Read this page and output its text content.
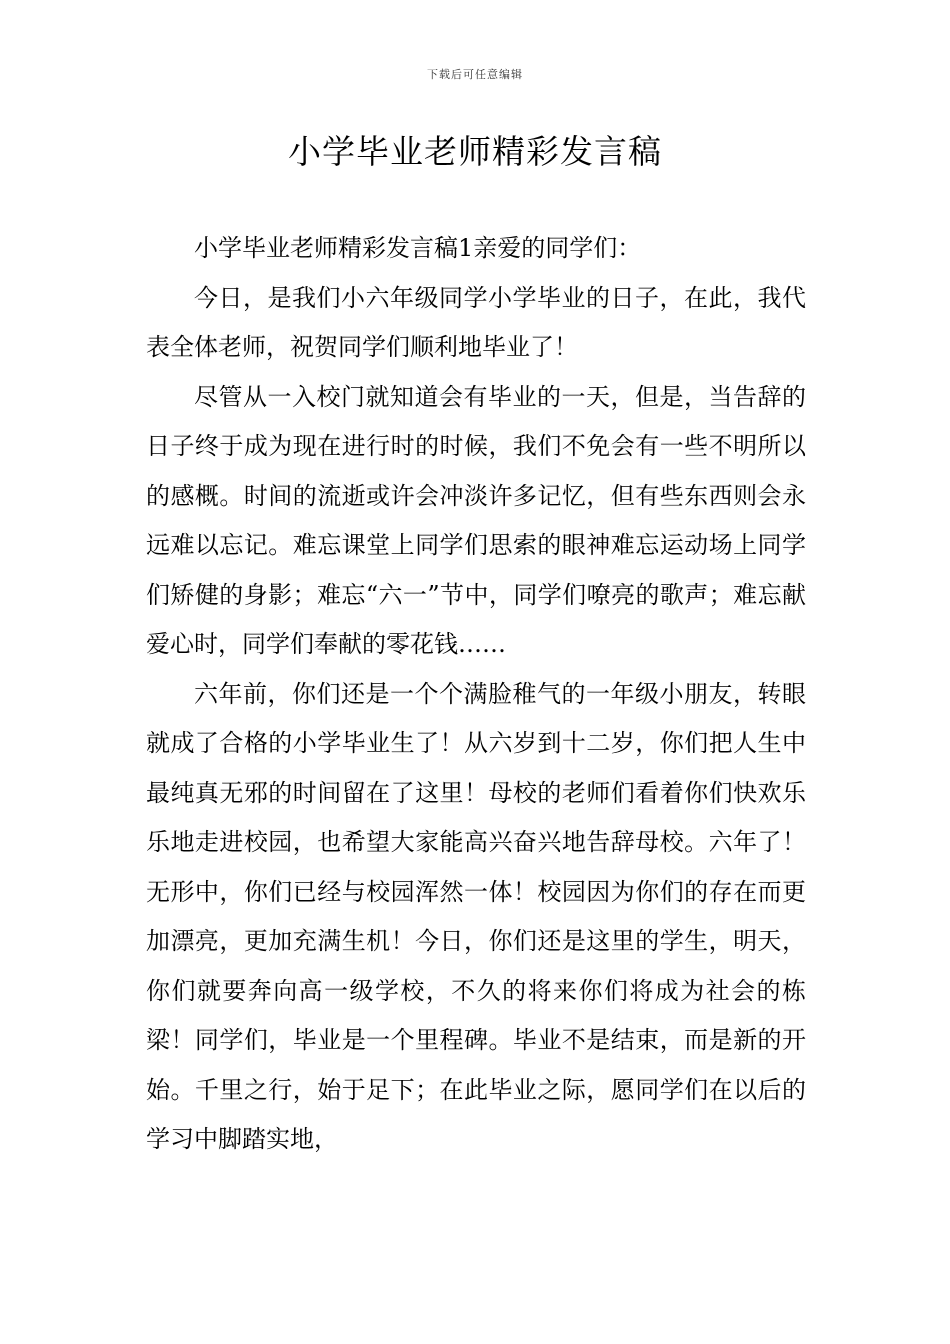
下载后可任意编辑
小学毕业老师精彩发言稿

小学毕业老师精彩发言稿1亲爱的同学们：

今日，是我们小六年级同学小学毕业的日子，在此，我代表全体老师，祝贺同学们顺利地毕业了！

尽管从一入校门就知道会有毕业的一天，但是，当告辞的日子终于成为现在进行时的时候，我们不免会有一些不明所以的感概。时间的流逝或许会冲淡许多记忆，但有些东西则会永远难以忘记。难忘课堂上同学们思索的眼神难忘运动场上同学们矫健的身影；难忘“六一”节中，同学们嘹亮的歌声；难忘献爱心时，同学们奉献的零花钱……

六年前，你们还是一个个满脸稚气的一年级小朋友，转眼就成了合格的小学毕业生了！从六岁到十二岁，你们把人生中最纯真无邪的时间留在了这里！母校的老师们看着你们快欢乐乐地走进校园，也希望大家能高兴奋兴地告辞母校。六年了！无形中，你们已经与校园浑然一体！校园因为你们的存在而更加漂亮，更加充满生机！今日，你们还是这里的学生，明天，你们就要奔向高一级学校，不久的将来你们将成为社会的栋梁！同学们，毕业是一个里程碑。毕业不是结束，而是新的开始。千里之行，始于足下；在此毕业之际，愿同学们在以后的学习中脚踏实地，
